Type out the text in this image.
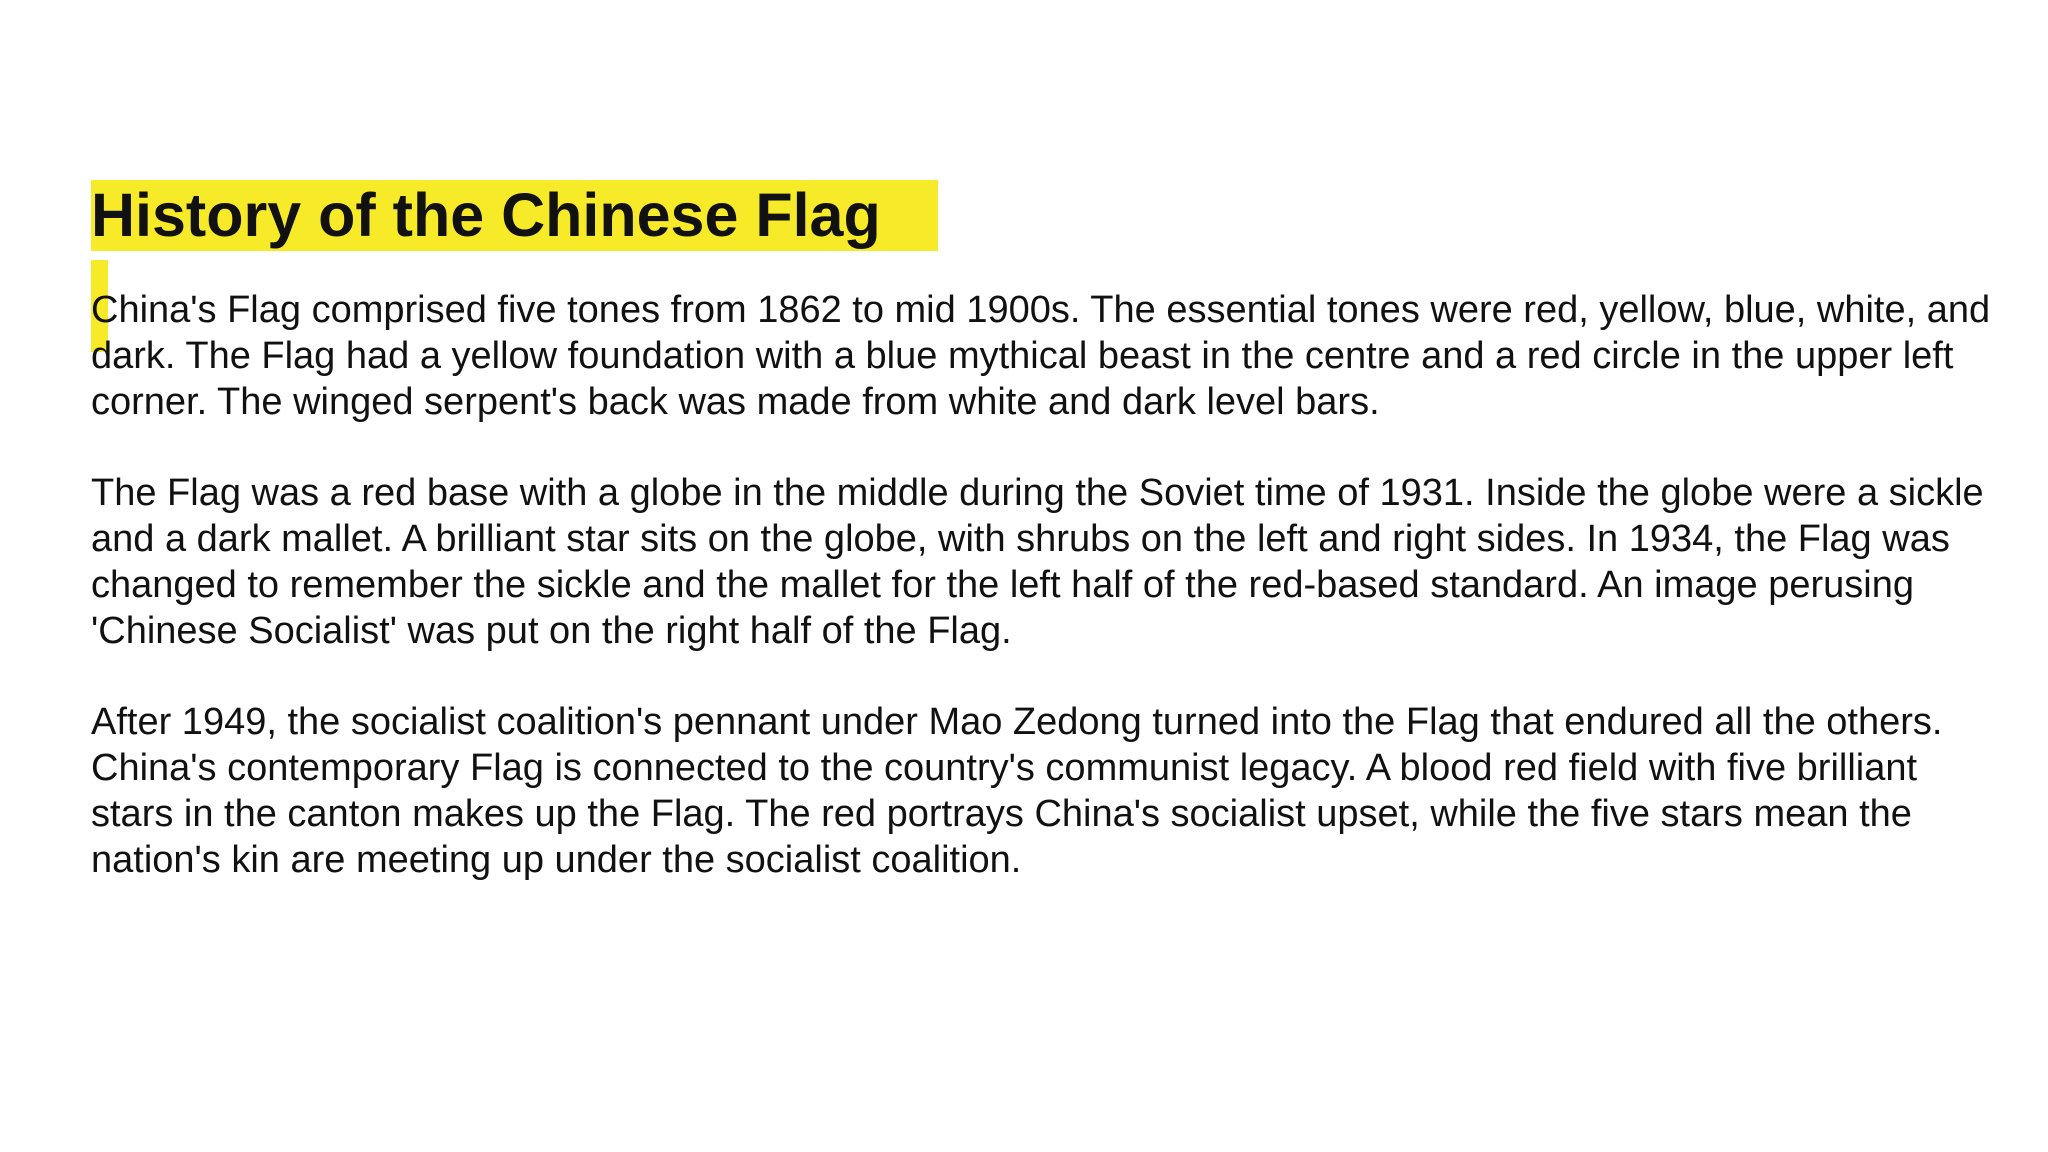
History of the Chinese Flag

China's Flag comprised five tones from 1862 to mid 1900s. The essential tones were red, yellow, blue, white, and dark. The Flag had a yellow foundation with a blue mythical beast in the centre and a red circle in the upper left corner. The winged serpent's back was made from white and dark level bars.

The Flag was a red base with a globe in the middle during the Soviet time of 1931. Inside the globe were a sickle and a dark mallet. A brilliant star sits on the globe, with shrubs on the left and right sides. In 1934, the Flag was changed to remember the sickle and the mallet for the left half of the red-based standard. An image perusing 'Chinese Socialist' was put on the right half of the Flag.

After 1949, the socialist coalition's pennant under Mao Zedong turned into the Flag that endured all the others. China's contemporary Flag is connected to the country's communist legacy. A blood red field with five brilliant stars in the canton makes up the Flag. The red portrays China's socialist upset, while the five stars mean the nation's kin are meeting up under the socialist coalition.
